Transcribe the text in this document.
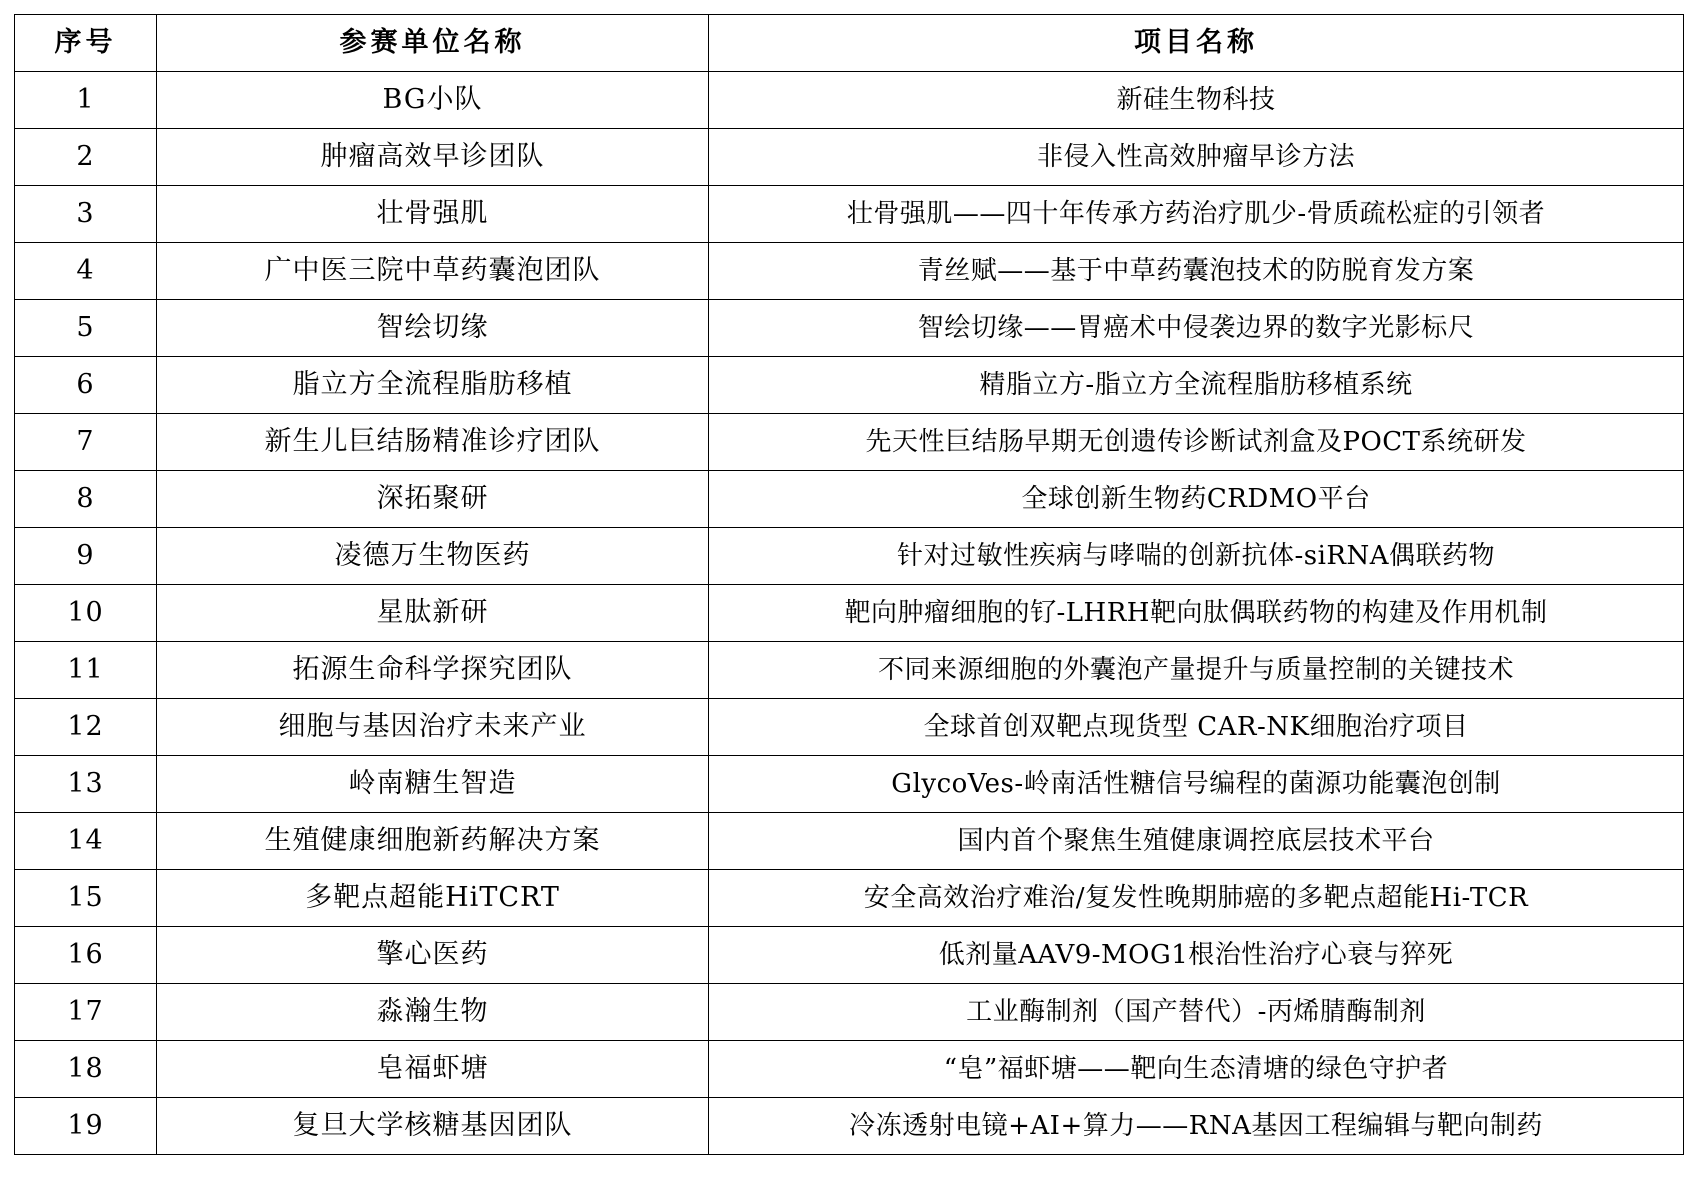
序号	参赛单位名称	项目名称
1	BG小队	新硅生物科技
2	肿瘤高效早诊团队	非侵入性高效肿瘤早诊方法
3	壮骨强肌	壮骨强肌——四十年传承方药治疗肌少-骨质疏松症的引领者
4	广中医三院中草药囊泡团队	青丝赋——基于中草药囊泡技术的防脱育发方案
5	智绘切缘	智绘切缘——胃癌术中侵袭边界的数字光影标尺
6	脂立方全流程脂肪移植	精脂立方-脂立方全流程脂肪移植系统
7	新生儿巨结肠精准诊疗团队	先天性巨结肠早期无创遗传诊断试剂盒及POCT系统研发
8	深拓聚研	全球创新生物药CRDMO平台
9	凌德万生物医药	针对过敏性疾病与哮喘的创新抗体-siRNA偶联药物
10	星肽新研	靶向肿瘤细胞的钌-LHRH靶向肽偶联药物的构建及作用机制
11	拓源生命科学探究团队	不同来源细胞的外囊泡产量提升与质量控制的关键技术
12	细胞与基因治疗未来产业	全球首创双靶点现货型 CAR-NK细胞治疗项目
13	岭南糖生智造	GlycoVes-岭南活性糖信号编程的菌源功能囊泡创制
14	生殖健康细胞新药解决方案	国内首个聚焦生殖健康调控底层技术平台
15	多靶点超能HiTCRT	安全高效治疗难治/复发性晚期肺癌的多靶点超能Hi-TCR
16	擎心医药	低剂量AAV9-MOG1根治性治疗心衰与猝死
17	淼瀚生物	工业酶制剂（国产替代）-丙烯腈酶制剂
18	皂福虾塘	“皂”福虾塘——靶向生态清塘的绿色守护者
19	复旦大学核糖基因团队	冷冻透射电镜+AI+算力——RNA基因工程编辑与靶向制药
